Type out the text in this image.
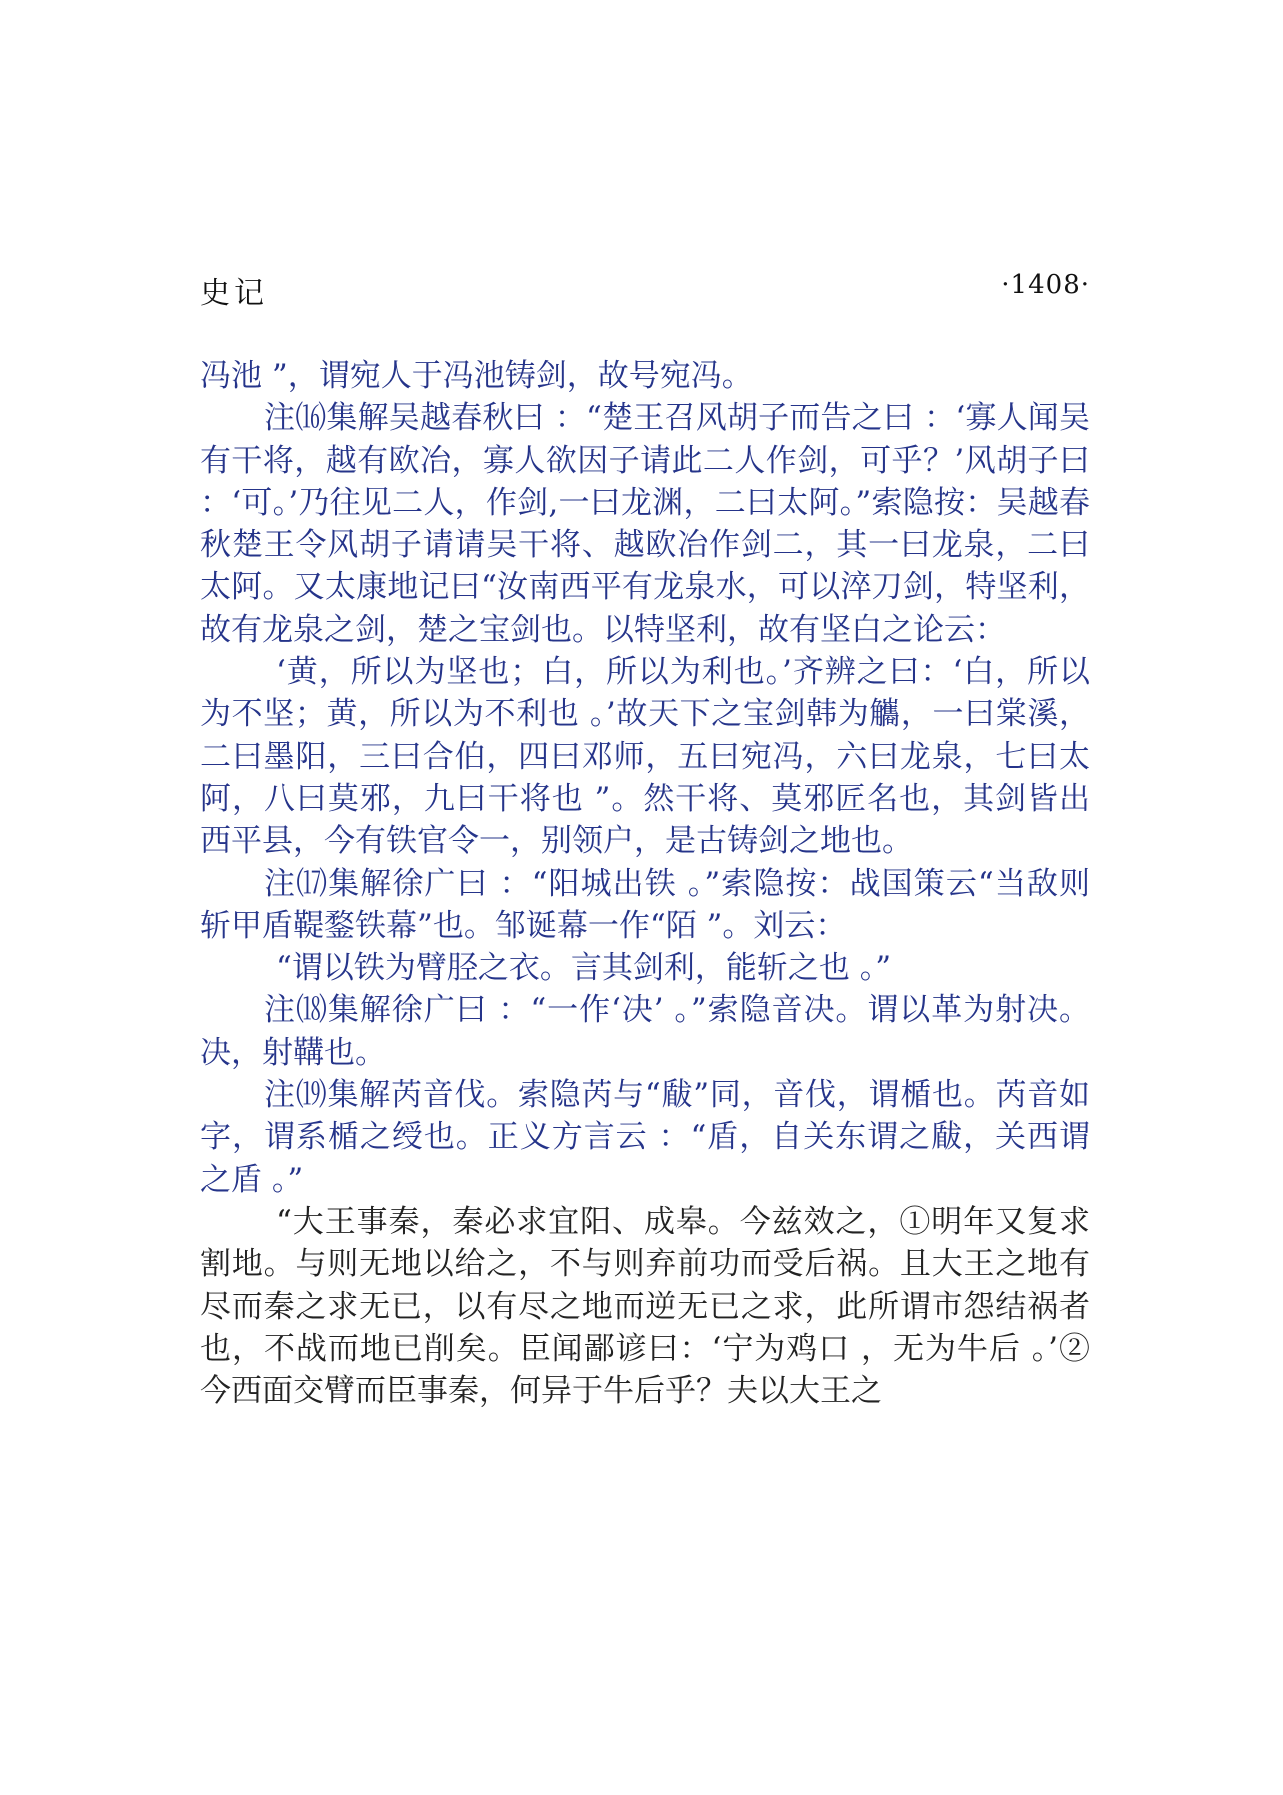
史记	·1408·

冯池 ”，谓宛人于冯池铸剑，故号宛冯。

注⒃集解吴越春秋曰 ：“楚王召风胡子而告之曰 ：‘寡人闻吴有干将，越有欧冶，寡人欲因子请此二人作剑，可乎？’风胡子曰：‘可。’乃往见二人，作剑,一曰龙渊，二曰太阿。”索隐按：吴越春秋楚王令风胡子请请吴干将、越欧冶作剑二，其一曰龙泉，二曰太阿。又太康地记曰“汝南西平有龙泉水，可以淬刀剑，特坚利，故有龙泉之剑，楚之宝剑也。以特坚利，故有坚白之论云：

‘黄，所以为坚也；白，所以为利也。’齐辨之曰：‘白，所以为不坚；黄，所以为不利也 。’故天下之宝剑韩为觿，一曰棠溪，二曰墨阳，三曰合伯，四曰邓师，五曰宛冯，六曰龙泉，七曰太阿，八曰莫邪，九曰干将也 ”。然干将、莫邪匠名也，其剑皆出西平县，今有铁官令一，别领户，是古铸剑之地也。

注⒄集解徐广曰 ：“阳城出铁 。”索隐按：战国策云“当敌则斩甲盾鞮鍪铁幕”也。邹诞幕一作“陌 ”。刘云：

“谓以铁为臂胫之衣。言其剑利，能斩之也 。”

注⒅集解徐广曰 ：“一作‘决’ 。”索隐音决。谓以革为射决。决，射鞲也。

注⒆集解芮音伐。索隐芮与“瞂”同，音伐，谓楯也。芮音如字，谓系楯之绶也。正义方言云 ：“盾，自关东谓之瞂，关西谓之盾 。”

“大王事秦，秦必求宜阳、成皋。今兹效之，①明年又复求割地。与则无地以给之，不与则弃前功而受后祸。且大王之地有尽而秦之求无已，以有尽之地而逆无已之求，此所谓市怨结祸者也，不战而地已削矣。臣闻鄙谚曰：‘宁为鸡口 ，无为牛后 。’②今西面交臂而臣事秦，何异于牛后乎？夫以大王之
